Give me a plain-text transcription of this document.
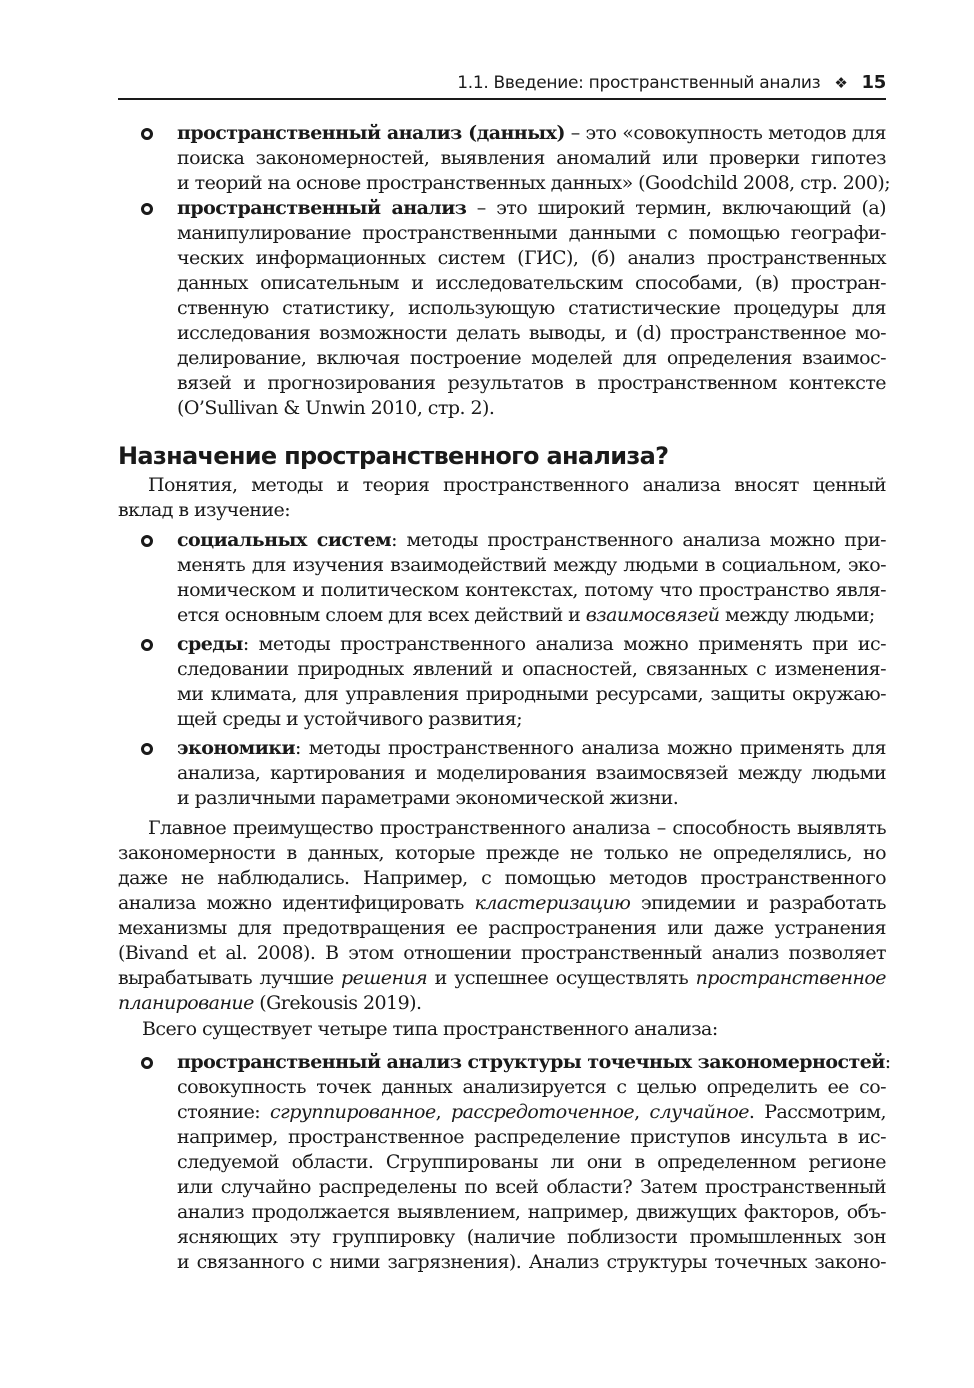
1.1. Введение: пространственный анализ ❖ 15
пространственный анализ (данных) – это «совокупность методов для
поиска закономерностей, выявления аномалий или проверки гипотез
и теорий на основе пространственных данных» (Goodchild 2008, стр. 200);
пространственный анализ – это широкий термин, включающий (a)
манипулирование пространственными данными с помощью географи-
ческих информационных систем (ГИС), (б) анализ пространственных
данных описательным и исследовательским способами, (в) простран-
ственную статистику, использующую статистические процедуры для
исследования возможности делать выводы, и (d) пространственное мо-
делирование, включая построение моделей для определения взаимос-
вязей и прогнозирования результатов в пространственном контексте
(O’Sullivan & Unwin 2010, стр. 2).
Назначение пространственного анализа?
Понятия, методы и теория пространственного анализа вносят ценный
вклад в изучение:
социальных систем: методы пространственного анализа можно при-
менять для изучения взаимодействий между людьми в социальном, эко-
номическом и политическом контекстах, потому что пространство явля-
ется основным слоем для всех действий и взаимосвязей между людьми;
среды: методы пространственного анализа можно применять при ис-
следовании природных явлений и опасностей, связанных с изменения-
ми климата, для управления природными ресурсами, защиты окружаю-
щей среды и устойчивого развития;
экономики: методы пространственного анализа можно применять для
анализа, картирования и моделирования взаимосвязей между людьми
и различными параметрами экономической жизни.
Главное преимущество пространственного анализа – способность выявлять
закономерности в данных, которые прежде не только не определялись, но
даже не наблюдались. Например, с помощью методов пространственного
анализа можно идентифицировать кластеризацию эпидемии и разработать
механизмы для предотвращения ее распространения или даже устранения
(Bivand et al. 2008). В этом отношении пространственный анализ позволяет
вырабатывать лучшие решения и успешнее осуществлять пространственное
планирование (Grekousis 2019).
Всего существует четыре типа пространственного анализа:
пространственный анализ структуры точечных закономерностей:
совокупность точек данных анализируется с целью определить ее со-
стояние: сгруппированное, рассредоточенное, случайное. Рассмотрим,
например, пространственное распределение приступов инсульта в ис-
следуемой области. Сгруппированы ли они в определенном регионе
или случайно распределены по всей области? Затем пространственный
анализ продолжается выявлением, например, движущих факторов, объ-
ясняющих эту группировку (наличие поблизости промышленных зон
и связанного с ними загрязнения). Анализ структуры точечных законо-
